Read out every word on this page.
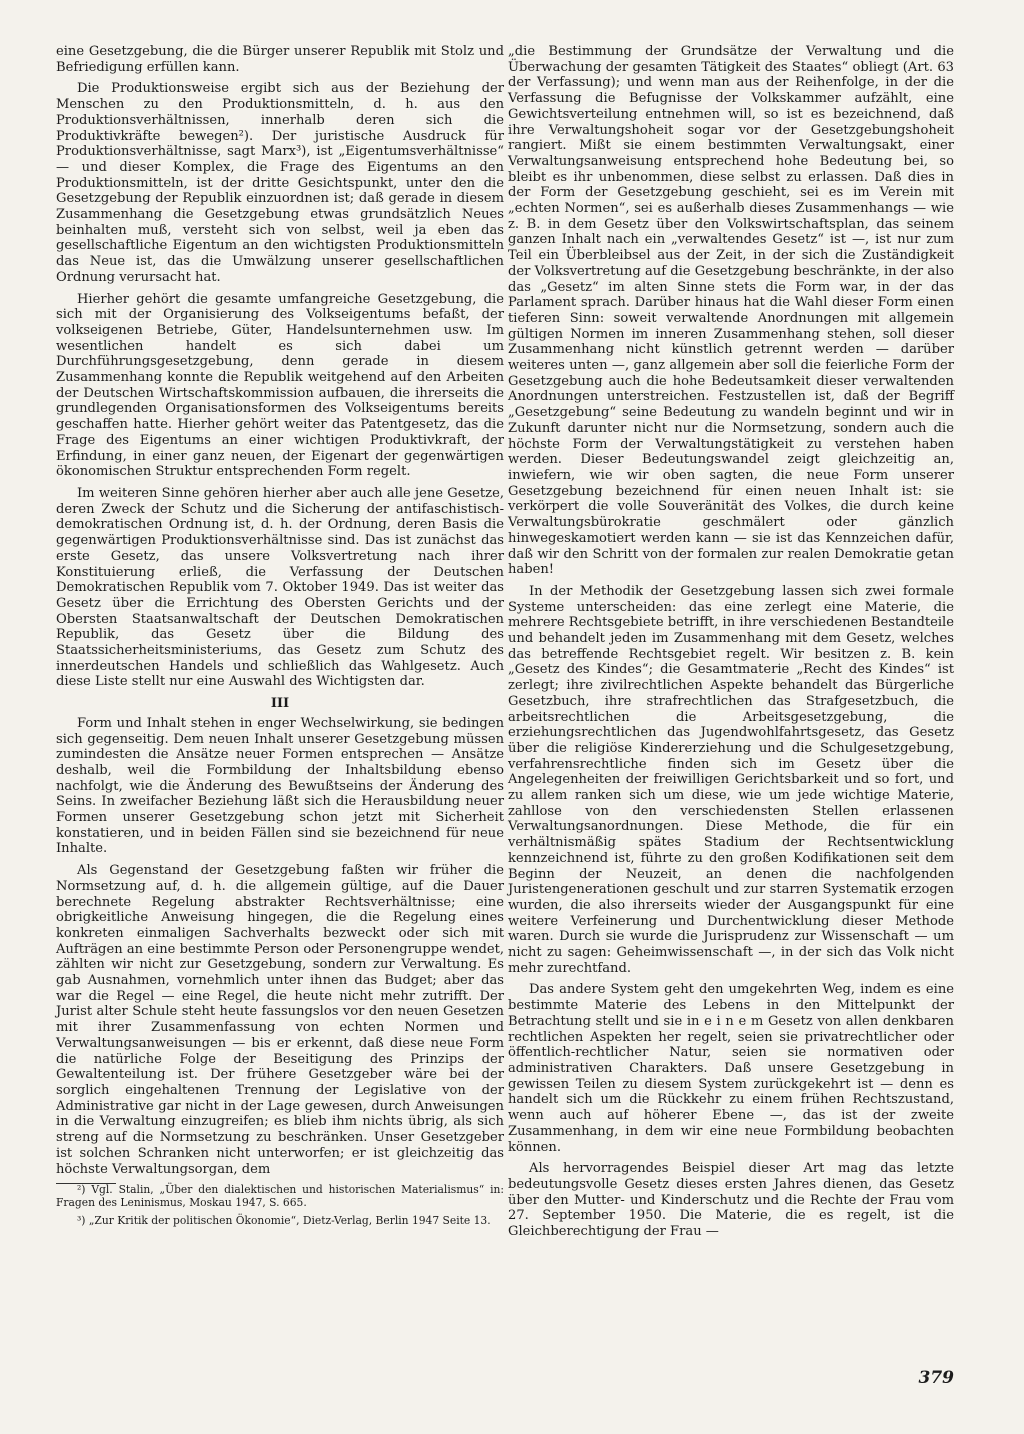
eine Gesetzgebung, die die Bürger unserer Republik mit Stolz und Befriedigung erfüllen kann.

Die Produktionsweise ergibt sich aus der Beziehung der Menschen zu den Produktionsmitteln, d. h. aus den Produktionsverhältnissen, innerhalb deren sich die Produktivkräfte bewegen²). Der juristische Ausdruck für Produktionsverhältnisse, sagt Marx³), ist „Eigentumsverhältnisse“ — und dieser Komplex, die Frage des Eigentums an den Produktionsmitteln, ist der dritte Gesichtspunkt, unter den die Gesetzgebung der Republik einzuordnen ist; daß gerade in diesem Zusammenhang die Gesetzgebung etwas grundsätzlich Neues beinhalten muß, versteht sich von selbst, weil ja eben das gesellschaftliche Eigentum an den wichtigsten Produktionsmitteln das Neue ist, das die Umwälzung unserer gesellschaftlichen Ordnung verursacht hat.

Hierher gehört die gesamte umfangreiche Gesetzgebung, die sich mit der Organisierung des Volkseigentums befaßt, der volkseigenen Betriebe, Güter, Handelsunternehmen usw. Im wesentlichen handelt es sich dabei um Durchführungsgesetzgebung, denn gerade in diesem Zusammenhang konnte die Republik weitgehend auf den Arbeiten der Deutschen Wirtschaftskommission aufbauen, die ihrerseits die grundlegenden Organisationsformen des Volkseigentums bereits geschaffen hatte. Hierher gehört weiter das Patentgesetz, das die Frage des Eigentums an einer wichtigen Produktivkraft, der Erfindung, in einer ganz neuen, der Eigenart der gegenwärtigen ökonomischen Struktur entsprechenden Form regelt.

Im weiteren Sinne gehören hierher aber auch alle jene Gesetze, deren Zweck der Schutz und die Sicherung der antifaschistisch-demokratischen Ordnung ist, d. h. der Ordnung, deren Basis die gegenwärtigen Produktionsverhältnisse sind. Das ist zunächst das erste Gesetz, das unsere Volksvertretung nach ihrer Konstituierung erließ, die Verfassung der Deutschen Demokratischen Republik vom 7. Oktober 1949. Das ist weiter das Gesetz über die Errichtung des Obersten Gerichts und der Obersten Staatsanwaltschaft der Deutschen Demokratischen Republik, das Gesetz über die Bildung des Staatssicherheitsministeriums, das Gesetz zum Schutz des innerdeutschen Handels und schließlich das Wahlgesetz. Auch diese Liste stellt nur eine Auswahl des Wichtigsten dar.

III

Form und Inhalt stehen in enger Wechselwirkung, sie bedingen sich gegenseitig. Dem neuen Inhalt unserer Gesetzgebung müssen zumindesten die Ansätze neuer Formen entsprechen — Ansätze deshalb, weil die Formbildung der Inhaltsbildung ebenso nachfolgt, wie die Änderung des Bewußtseins der Änderung des Seins. In zweifacher Beziehung läßt sich die Herausbildung neuer Formen unserer Gesetzgebung schon jetzt mit Sicherheit konstatieren, und in beiden Fällen sind sie bezeichnend für neue Inhalte.

Als Gegenstand der Gesetzgebung faßten wir früher die Normsetzung auf, d. h. die allgemein gültige, auf die Dauer berechnete Regelung abstrakter Rechtsverhältnisse; eine obrigkeitliche Anweisung hingegen, die die Regelung eines konkreten einmaligen Sachverhalts bezweckt oder sich mit Aufträgen an eine bestimmte Person oder Personengruppe wendet, zählten wir nicht zur Gesetzgebung, sondern zur Verwaltung. Es gab Ausnahmen, vornehmlich unter ihnen das Budget; aber das war die Regel — eine Regel, die heute nicht mehr zutrifft. Der Jurist alter Schule steht heute fassungslos vor den neuen Gesetzen mit ihrer Zusammenfassung von echten Normen und Verwaltungsanweisungen — bis er erkennt, daß diese neue Form die natürliche Folge der Beseitigung des Prinzips der Gewaltenteilung ist. Der frühere Gesetzgeber wäre bei der sorglich eingehaltenen Trennung der Legislative von der Administrative gar nicht in der Lage gewesen, durch Anweisungen in die Verwaltung einzugreifen; es blieb ihm nichts übrig, als sich streng auf die Normsetzung zu beschränken. Unser Gesetzgeber ist solchen Schranken nicht unterworfen; er ist gleichzeitig das höchste Verwaltungsorgan, dem

²) Vgl. Stalin, „Über den dialektischen und historischen Materialismus“ in: Fragen des Leninismus, Moskau 1947, S. 665.

³) „Zur Kritik der politischen Ökonomie“, Dietz-Verlag, Berlin 1947 Seite 13.

„die Bestimmung der Grundsätze der Verwaltung und die Überwachung der gesamten Tätigkeit des Staates“ obliegt (Art. 63 der Verfassung); und wenn man aus der Reihenfolge, in der die Verfassung die Befugnisse der Volkskammer aufzählt, eine Gewichtsverteilung entnehmen will, so ist es bezeichnend, daß ihre Verwaltungshoheit sogar vor der Gesetzgebungshoheit rangiert. Mißt sie einem bestimmten Verwaltungsakt, einer Verwaltungsanweisung entsprechend hohe Bedeutung bei, so bleibt es ihr unbenommen, diese selbst zu erlassen. Daß dies in der Form der Gesetzgebung geschieht, sei es im Verein mit „echten Normen“, sei es außerhalb dieses Zusammenhangs — wie z. B. in dem Gesetz über den Volkswirtschaftsplan, das seinem ganzen Inhalt nach ein „verwaltendes Gesetz“ ist —, ist nur zum Teil ein Überbleibsel aus der Zeit, in der sich die Zuständigkeit der Volksvertretung auf die Gesetzgebung beschränkte, in der also das „Gesetz“ im alten Sinne stets die Form war, in der das Parlament sprach. Darüber hinaus hat die Wahl dieser Form einen tieferen Sinn: soweit verwaltende Anordnungen mit allgemein gültigen Normen im inneren Zusammenhang stehen, soll dieser Zusammenhang nicht künstlich getrennt werden — darüber weiteres unten —, ganz allgemein aber soll die feierliche Form der Gesetzgebung auch die hohe Bedeutsamkeit dieser verwaltenden Anordnungen unterstreichen. Festzustellen ist, daß der Begriff „Gesetzgebung“ seine Bedeutung zu wandeln beginnt und wir in Zukunft darunter nicht nur die Normsetzung, sondern auch die höchste Form der Verwaltungstätigkeit zu verstehen haben werden. Dieser Bedeutungswandel zeigt gleichzeitig an, inwiefern, wie wir oben sagten, die neue Form unserer Gesetzgebung bezeichnend für einen neuen Inhalt ist: sie verkörpert die volle Souveränität des Volkes, die durch keine Verwaltungsbürokratie geschmälert oder gänzlich hinwegeskamotiert werden kann — sie ist das Kennzeichen dafür, daß wir den Schritt von der formalen zur realen Demokratie getan haben!

In der Methodik der Gesetzgebung lassen sich zwei formale Systeme unterscheiden: das eine zerlegt eine Materie, die mehrere Rechtsgebiete betrifft, in ihre verschiedenen Bestandteile und behandelt jeden im Zusammenhang mit dem Gesetz, welches das betreffende Rechtsgebiet regelt. Wir besitzen z. B. kein „Gesetz des Kindes“; die Gesamtmaterie „Recht des Kindes“ ist zerlegt; ihre zivilrechtlichen Aspekte behandelt das Bürgerliche Gesetzbuch, ihre strafrechtlichen das Strafgesetzbuch, die arbeitsrechtlichen die Arbeitsgesetzgebung, die erziehungsrechtlichen das Jugendwohlfahrtsgesetz, das Gesetz über die religiöse Kindererziehung und die Schulgesetzgebung, verfahrensrechtliche finden sich im Gesetz über die Angelegenheiten der freiwilligen Gerichtsbarkeit und so fort, und zu allem ranken sich um diese, wie um jede wichtige Materie, zahllose von den verschiedensten Stellen erlassenen Verwaltungsanordnungen. Diese Methode, die für ein verhältnismäßig spätes Stadium der Rechtsentwicklung kennzeichnend ist, führte zu den großen Kodifikationen seit dem Beginn der Neuzeit, an denen die nachfolgenden Juristengenerationen geschult und zur starren Systematik erzogen wurden, die also ihrerseits wieder der Ausgangspunkt für eine weitere Verfeinerung und Durchentwicklung dieser Methode waren. Durch sie wurde die Jurisprudenz zur Wissenschaft — um nicht zu sagen: Geheimwissenschaft —, in der sich das Volk nicht mehr zurechtfand.

Das andere System geht den umgekehrten Weg, indem es eine bestimmte Materie des Lebens in den Mittelpunkt der Betrachtung stellt und sie in e i n e m Gesetz von allen denkbaren rechtlichen Aspekten her regelt, seien sie privatrechtlicher oder öffentlich-rechtlicher Natur, seien sie normativen oder administrativen Charakters. Daß unsere Gesetzgebung in gewissen Teilen zu diesem System zurückgekehrt ist — denn es handelt sich um die Rückkehr zu einem frühen Rechtszustand, wenn auch auf höherer Ebene —, das ist der zweite Zusammenhang, in dem wir eine neue Formbildung beobachten können.

Als hervorragendes Beispiel dieser Art mag das letzte bedeutungsvolle Gesetz dieses ersten Jahres dienen, das Gesetz über den Mutter- und Kinderschutz und die Rechte der Frau vom 27. September 1950. Die Materie, die es regelt, ist die Gleichberechtigung der Frau —

379
